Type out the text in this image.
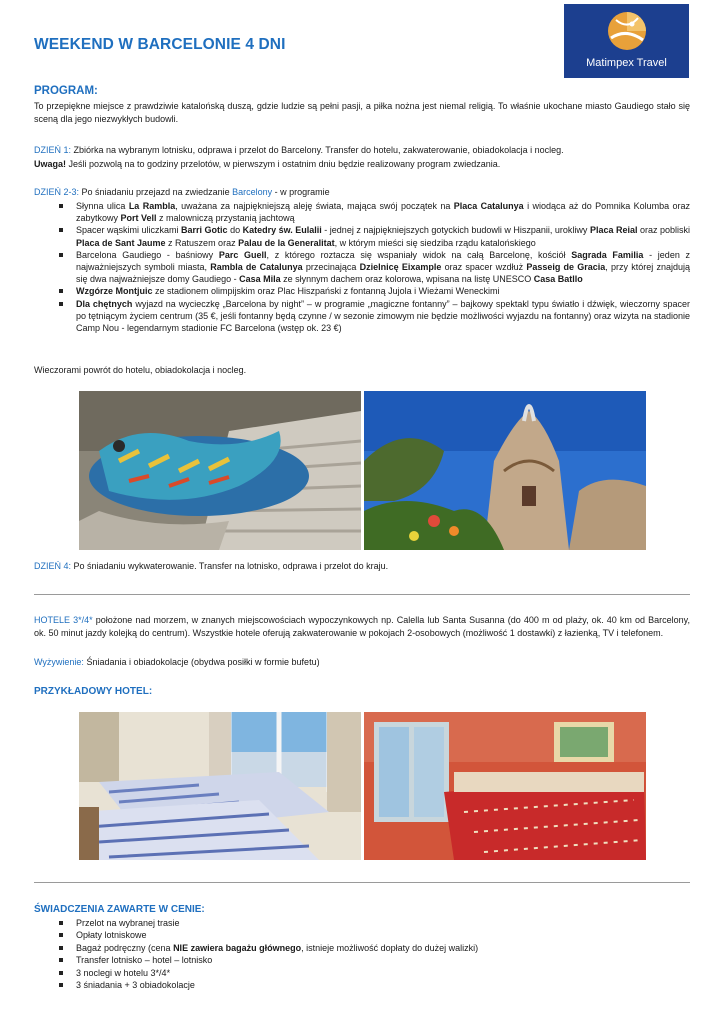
WEEKEND W BARCELONIE 4 DNI
Matimpex Travel
PROGRAM:
To przepiękne miejsce z prawdziwie katalońską duszą, gdzie ludzie są pełni pasji, a piłka nożna jest niemal religią. To właśnie ukochane miasto Gaudiego stało się sceną dla jego niezwykłych budowli.
DZIEŃ 1: Zbiórka na wybranym lotnisku, odprawa i przelot do Barcelony. Transfer do hotelu, zakwaterowanie, obiadokolacja i nocleg.
Uwaga! Jeśli pozwolą na to godziny przelotów, w pierwszym i ostatnim dniu będzie realizowany program zwiedzania.
DZIEŃ 2-3: Po śniadaniu przejazd na zwiedzanie Barcelony - w programie
Słynna ulica La Rambla, uważana za najpiękniejszą aleję świata, mająca swój początek na Placa Catalunya i wiodąca aż do Pomnika Kolumba oraz zabytkowy Port Vell z malowniczą przystanią jachtową
Spacer wąskimi uliczkami Barri Gotic do Katedry św. Eulalii - jednej z najpiękniejszych gotyckich budowli w Hiszpanii, urokliwy Placa Reial oraz pobliski Placa de Sant Jaume z Ratuszem oraz Palau de la Generalitat, w którym mieści się siedziba rządu katalońskiego
Barcelona Gaudiego - baśniowy Parc Guell, z którego roztacza się wspaniały widok na całą Barcelonę, kościół Sagrada Familia - jeden z najważniejszych symboli miasta, Rambla de Catalunya przecinająca Dzielnicę Eixample oraz spacer wzdłuż Passeig de Gracia, przy której znajdują się dwa najważniejsze domy Gaudiego - Casa Mila ze słynnym dachem oraz kolorowa, wpisana na listę UNESCO Casa Batllo
Wzgórze Montjuic ze stadionem olimpijskim oraz Plac Hiszpański z fontanną Jujola i Wieżami Weneckimi
Dla chętnych wyjazd na wycieczkę „Barcelona by night” – w programie „magiczne fontanny” – bajkowy spektakl typu światło i dźwięk, wieczorny spacer po tętniącym życiem centrum (35 €, jeśli fontanny będą czynne / w sezonie zimowym nie będzie możliwości wyjazdu na fontanny) oraz wizyta na stadionie Camp Nou - legendarnym stadionie FC Barcelona (wstęp ok. 23 €)
Wieczorami powrót do hotelu, obiadokolacja i nocleg.
DZIEŃ 4: Po śniadaniu wykwaterowanie. Transfer na lotnisko, odprawa i przelot do kraju.
HOTELE 3*/4* położone nad morzem, w znanych miejscowościach wypoczynkowych np. Calella lub Santa Susanna (do 400 m od plaży, ok. 40 km od Barcelony, ok. 50 minut jazdy kolejką do centrum). Wszystkie hotele oferują zakwaterowanie w pokojach 2-osobowych (możliwość 1 dostawki) z łazienką, TV i telefonem.
Wyżywienie: Śniadania i obiadokolacje (obydwa posiłki w formie bufetu)
PRZYKŁADOWY HOTEL:
ŚWIADCZENIA ZAWARTE W CENIE:
Przelot na wybranej trasie
Opłaty lotniskowe
Bagaż podręczny (cena NIE zawiera bagażu głównego, istnieje możliwość dopłaty do dużej walizki)
Transfer lotnisko – hotel – lotnisko
3 noclegi w hotelu 3*/4*
3 śniadania + 3 obiadokolacje
